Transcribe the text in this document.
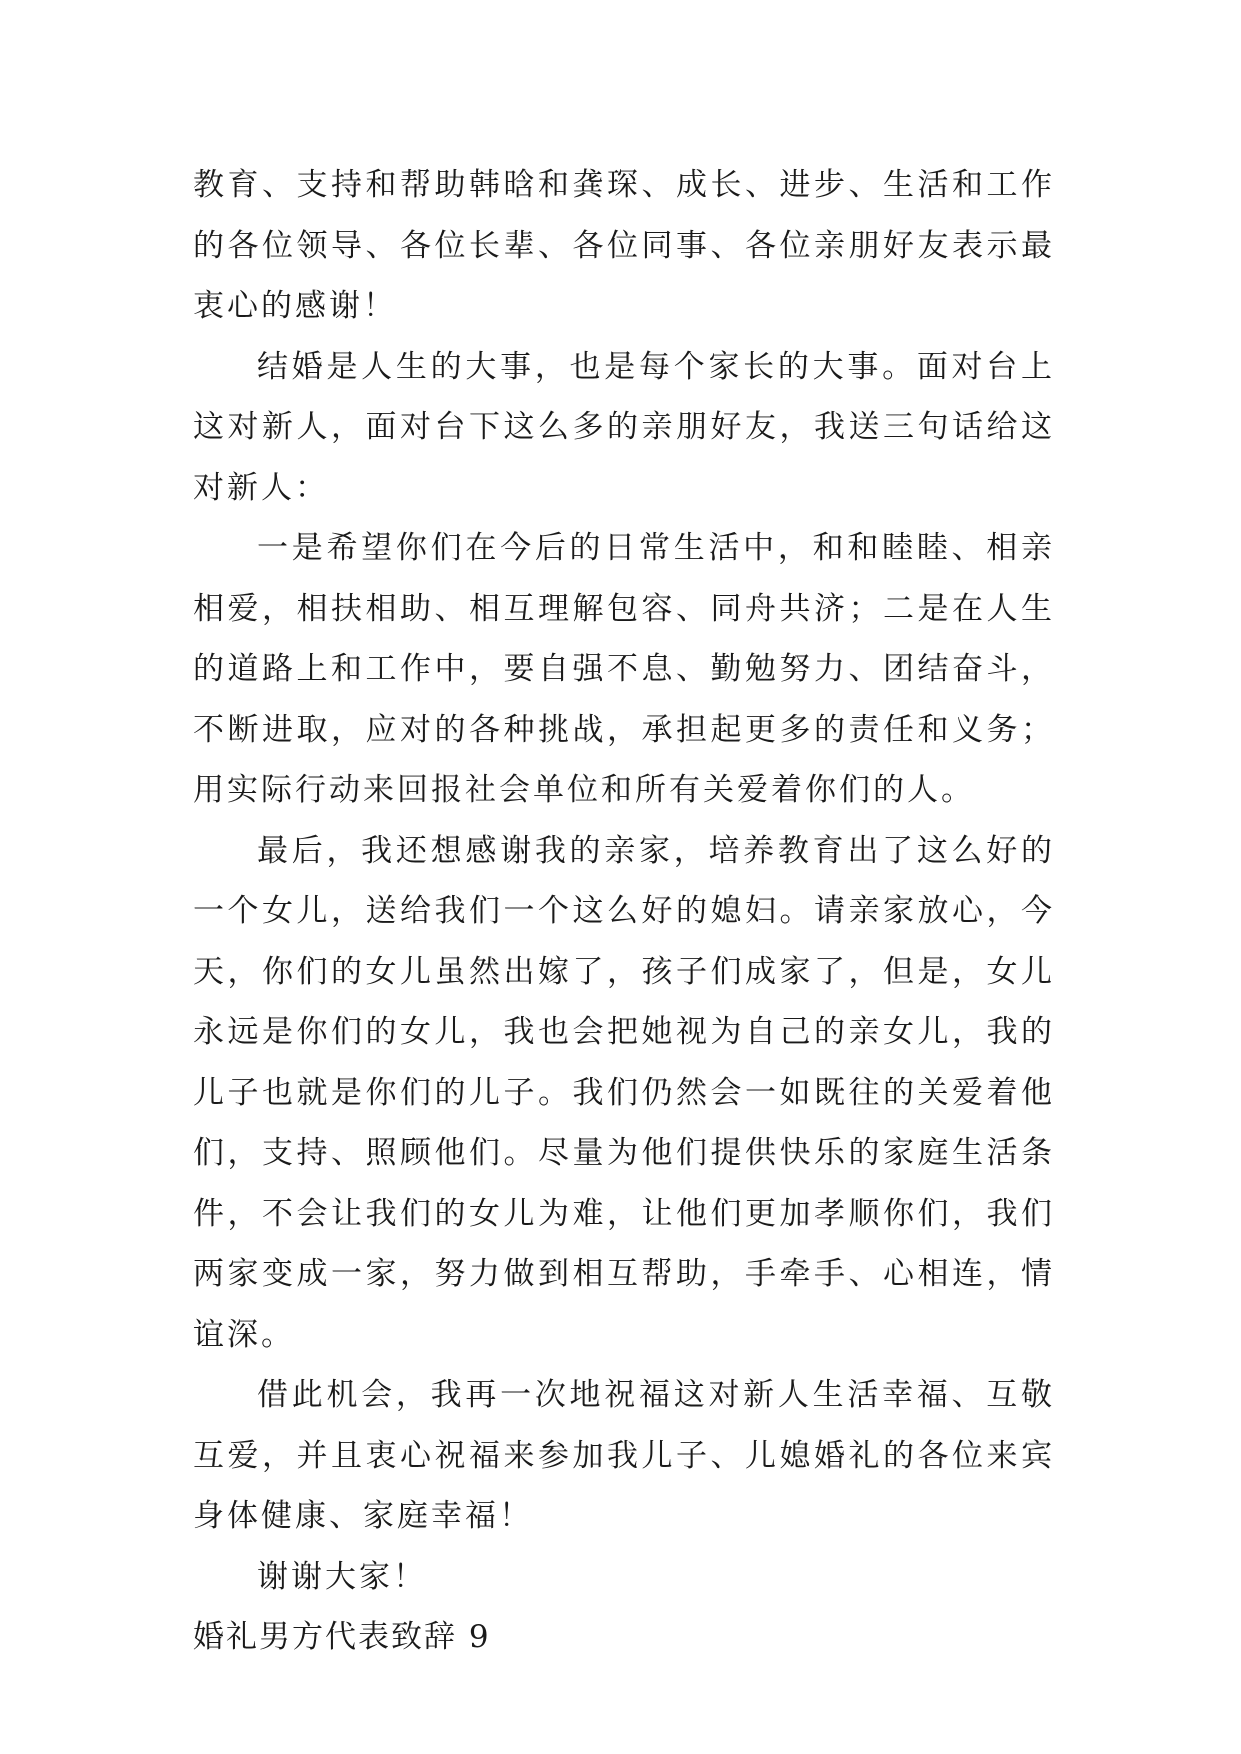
教育、支持和帮助韩晗和龚琛、成长、进步、生活和工作的各位领导、各位长辈、各位同事、各位亲朋好友表示最衷心的感谢！

结婚是人生的大事，也是每个家长的大事。面对台上这对新人，面对台下这么多的亲朋好友，我送三句话给这对新人：

一是希望你们在今后的日常生活中，和和睦睦、相亲相爱，相扶相助、相互理解包容、同舟共济；二是在人生的道路上和工作中，要自强不息、勤勉努力、团结奋斗，不断进取，应对的各种挑战，承担起更多的责任和义务；用实际行动来回报社会单位和所有关爱着你们的人。

最后，我还想感谢我的亲家，培养教育出了这么好的一个女儿，送给我们一个这么好的媳妇。请亲家放心，今天，你们的女儿虽然出嫁了，孩子们成家了，但是，女儿永远是你们的女儿，我也会把她视为自己的亲女儿，我的儿子也就是你们的儿子。我们仍然会一如既往的关爱着他们，支持、照顾他们。尽量为他们提供快乐的家庭生活条件，不会让我们的女儿为难，让他们更加孝顺你们，我们两家变成一家，努力做到相互帮助，手牵手、心相连，情谊深。

借此机会，我再一次地祝福这对新人生活幸福、互敬互爱，并且衷心祝福来参加我儿子、儿媳婚礼的各位来宾身体健康、家庭幸福！

谢谢大家！

婚礼男方代表致辞 9
